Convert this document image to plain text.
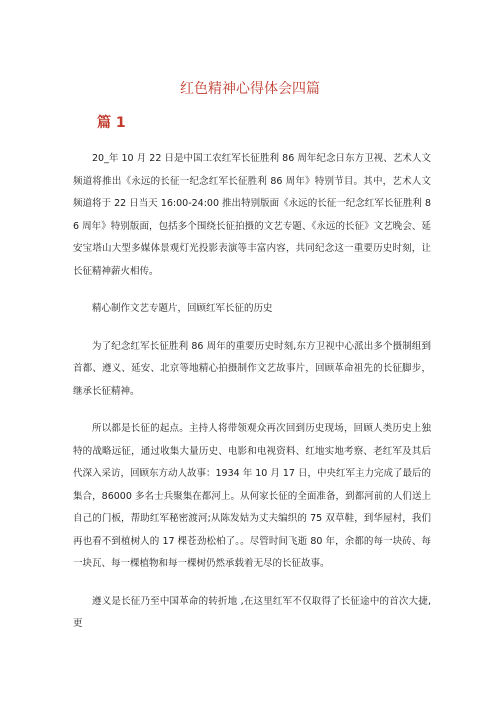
红色精神心得体会四篇
篇 1

20_年 10 月 22 日是中国工农红军长征胜利 86 周年纪念日东方卫视、艺术人文频道将推出《永远的长征一纪念红军长征胜利 86 周年》特别节目。其中，艺术人文频道将于 22 日当天 16:00-24:00 推出特别版面《永远的长征一纪念红军长征胜利 86 周年》特别版面，包括多个围绕长征拍摄的文艺专题、《永远的长征》文艺晚会、延安宝塔山大型多媒体景观灯光投影表演等丰富内容，共同纪念这一重要历史时刻，让长征精神薪火相传。

精心制作文艺专题片，回顾红军长征的历史

为了纪念红军长征胜利 86 周年的重要历史时刻,东方卫视中心派出多个摄制组到首都、遵义、延安、北京等地精心拍摄制作文艺故事片，回顾革命祖先的长征脚步，继承长征精神。

所以都是长征的起点。主持人将带领观众再次回到历史现场，回顾人类历史上独特的战略远征，通过收集大量历史、电影和电视资料、红地实地考察、老红军及其后代深入采访，回顾东方动人故事：1934 年 10 月 17 日，中央红军主力完成了最后的集合，86000 多名士兵聚集在都河上。从何家长征的全面准备，到都河前的人们送上自己的门板，帮助红军秘密渡河;从陈发姑为丈夫编织的 75 双草鞋，到华屋村，我们再也看不到植树人的 17 棵苍劲松柏了。。尽管时间飞逝 80 年，余都的每一块砖、每一块瓦、每一棵植物和每一棵树仍然承载着无尽的长征故事。

遵义是长征乃至中国革命的转折地 ,在这里红军不仅取得了长征途中的首次大捷,更
